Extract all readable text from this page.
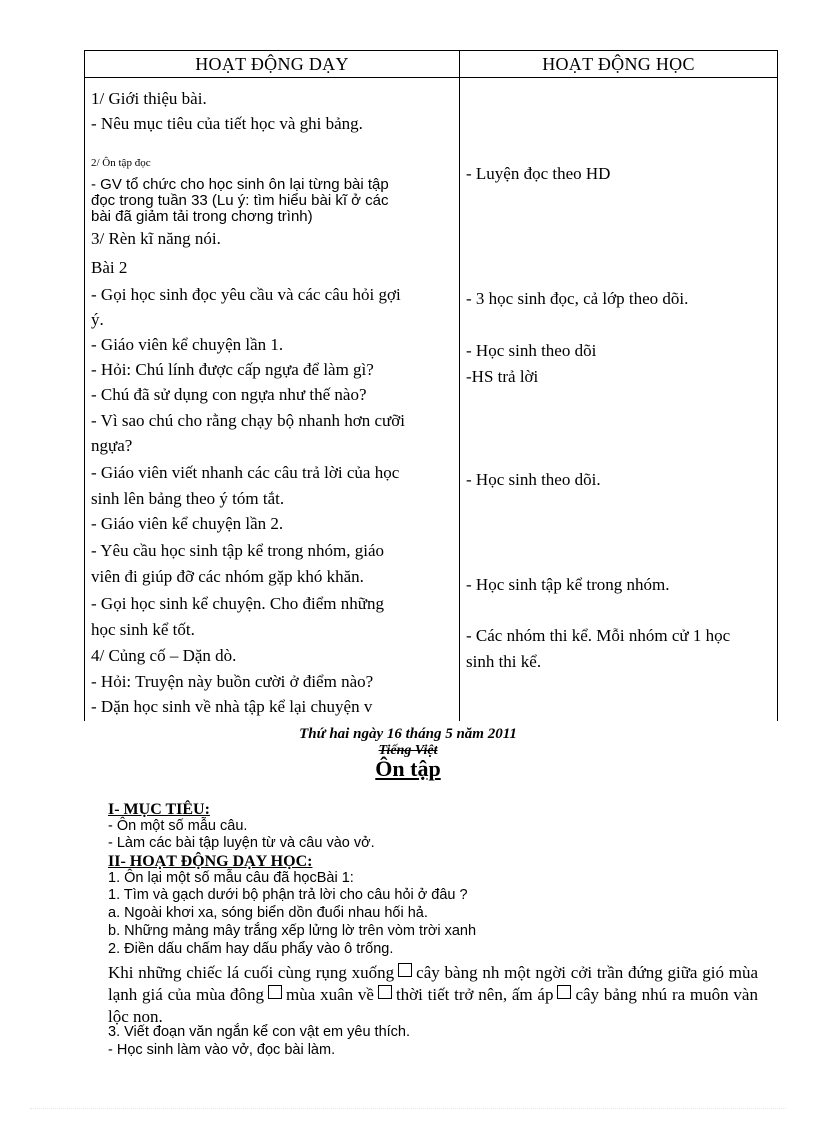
HOẠT ĐỘNG DẠY	HOẠT ĐỘNG HỌC
1/ Giới thiệu bài.
- Nêu mục tiêu của tiết học và ghi bảng.
2/ Ôn tập đọc
- GV tổ chức cho học sinh ôn lại từng bài tập
đọc trong tuần 33 (Lu ý: tìm hiểu bài kĩ ở các
bài đã giảm tải trong chơng trình)
3/ Rèn kĩ năng nói.
Bài 2
- Gọi học sinh đọc yêu cầu và các câu hỏi gợi
ý.
- Giáo viên kể chuyện lần 1.
- Hỏi: Chú lính được cấp ngựa để làm gì?
- Chú đã sử dụng con ngựa như thế nào?
- Vì sao chú cho rằng chạy bộ nhanh hơn cưỡi
ngựa?
- Giáo viên viết nhanh các câu trả lời của học
sinh lên bảng theo ý tóm tắt.
- Giáo viên kể chuyện lần 2.
- Yêu cầu học sinh tập kể trong nhóm, giáo
viên đi giúp đỡ các nhóm gặp khó khăn.
- Gọi học sinh kể chuyện. Cho điểm những
học sinh kể tốt.
4/ Củng cố – Dặn dò.
- Hỏi: Truyện này buồn cười ở điểm nào?
- Dặn học sinh về nhà tập kể lại chuyện v
- Luyện đọc theo HD
- 3 học sinh đọc, cả lớp theo dõi.
- Học sinh theo dõi
-HS trả lời
- Học sinh theo dõi.
- Học sinh tập kể trong nhóm.
- Các nhóm thi kể. Mỗi nhóm cử 1 học
sinh thi kể.
Thứ hai ngày 16 tháng 5 năm 2011
Tiếng Việt
Ôn tập
I- MỤC TIÊU:
- Ôn một số mẫu câu.
- Làm các bài tập luyện từ và câu vào vở.
II- HOẠT ĐỘNG DẠY HỌC:
1. Ôn lại một số mẫu câu đã họcBài 1:
1. Tìm và gạch dưới bộ phận trả lời cho câu hỏi ở đâu ?
a. Ngoài khơi xa, sóng biển dồn đuổi nhau hối hả.
b. Những mảng mây trắng xếp lửng lờ trên vòm trời xanh
2. Điền dấu chấm hay dấu phẩy vào ô trống.
Khi những chiếc lá cuối cùng rụng xuống cây bàng nh một ngời cởi trần đứng giữa gió mùa lạnh giá của mùa đông mùa xuân về thời tiết trở nên, ấm áp cây bảng nhú ra muôn vàn lộc non.
3. Viết đoạn văn ngắn kể con vật em yêu thích.
- Học sinh làm vào vở, đọc bài làm.
